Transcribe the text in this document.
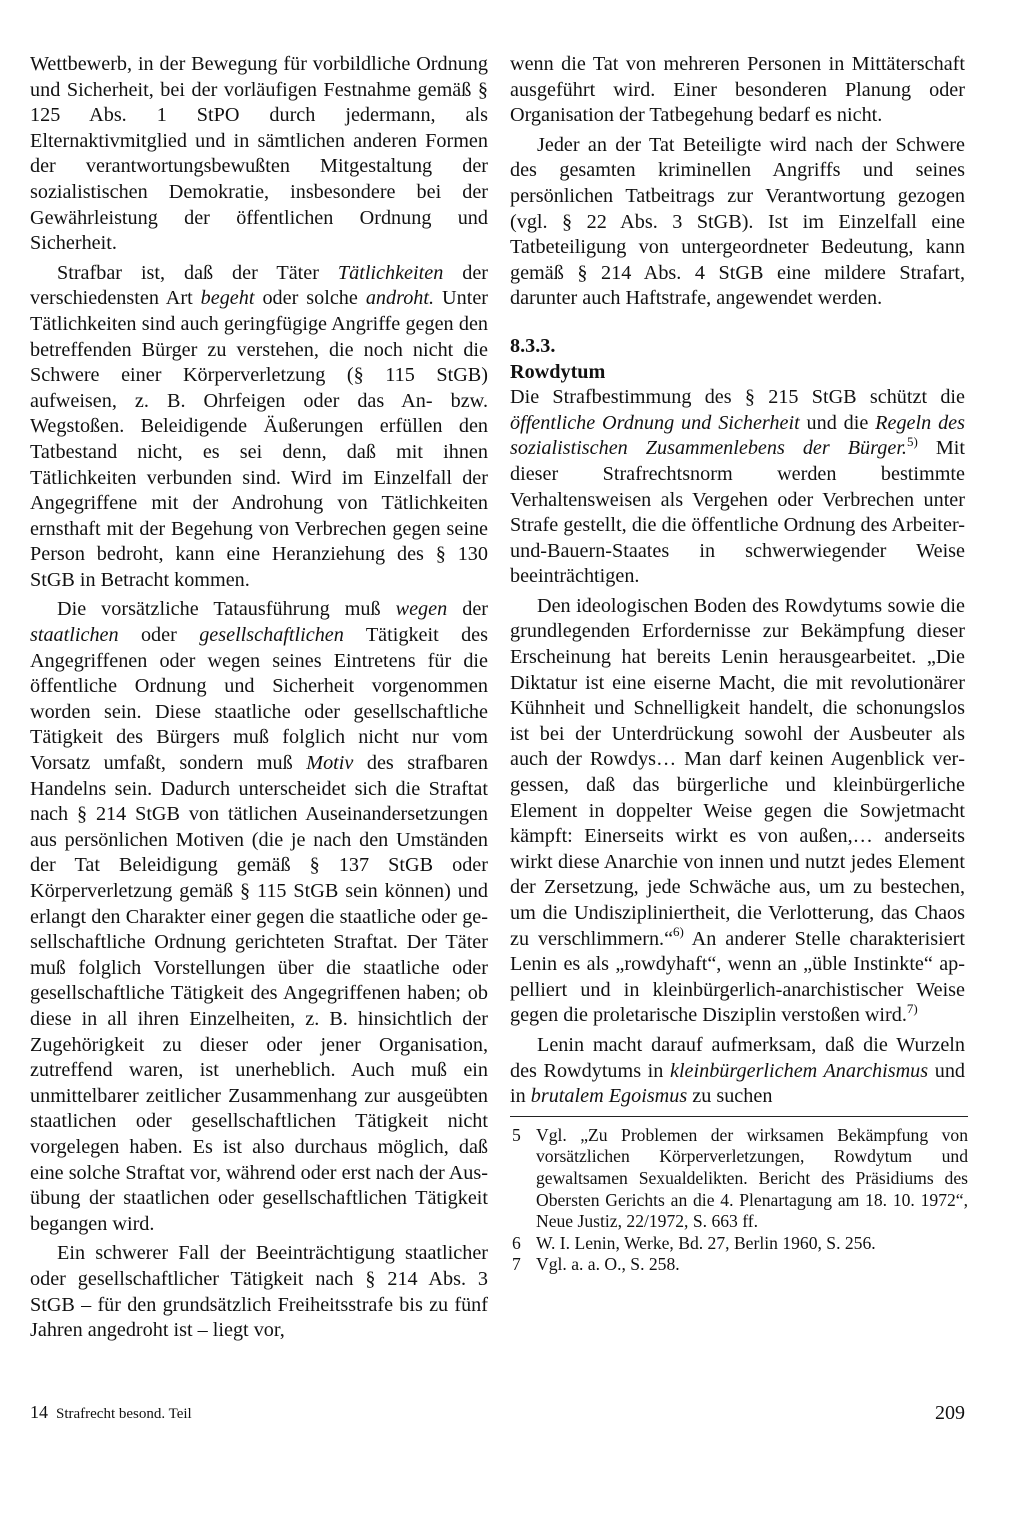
Wettbewerb, in der Bewegung für vorbildliche Ordnung und Sicherheit, bei der vorläufigen Festnahme gemäß § 125 Abs. 1 StPO durch jedermann, als Elternaktivmitglied und in sämtlichen anderen Formen der verantwortungsbewußten Mitgestaltung der sozialistischen Demokratie, insbesondere bei der Gewährleistung der öffentlichen Ordnung und Sicherheit.

Strafbar ist, daß der Täter Tätlichkeiten der verschiedensten Art begeht oder solche androht. Unter Tätlichkeiten sind auch geringfügige Angriffe gegen den betreffenden Bürger zu verstehen, die noch nicht die Schwere einer Körperverletzung (§ 115 StGB) aufweisen, z. B. Ohrfeigen oder das An- bzw. Wegstoßen. Beleidigende Äußerungen erfüllen den Tatbestand nicht, es sei denn, daß mit ihnen Tätlichkeiten verbunden sind. Wird im Einzelfall der Angegriffene mit der Androhung von Tätlichkeiten ernsthaft mit der Begehung von Verbrechen gegen seine Person bedroht, kann eine Heranziehung des § 130 StGB in Betracht kommen.

Die vorsätzliche Tatausführung muß wegen der staatlichen oder gesellschaftlichen Tätigkeit des Angegriffenen oder wegen seines Eintretens für die öffentliche Ordnung und Sicherheit vorgenommen worden sein. Diese staatliche oder gesellschaftliche Tätigkeit des Bürgers muß folglich nicht nur vom Vorsatz umfaßt, sondern muß Motiv des strafbaren Handelns sein. Dadurch unterscheidet sich die Straftat nach § 214 StGB von tätlichen Auseinandersetzungen aus persönlichen Motiven (die je nach den Umständen der Tat Beleidigung gemäß § 137 StGB oder Körperverletzung gemäß § 115 StGB sein können) und erlangt den Charakter einer gegen die staatliche oder gesellschaftliche Ordnung gerichteten Straftat. Der Täter muß folglich Vorstellungen über die staatliche oder gesellschaftliche Tätigkeit des Angegriffenen haben; ob diese in all ihren Einzelheiten, z. B. hinsichtlich der Zugehörigkeit zu dieser oder jener Organisation, zutreffend waren, ist unerheblich. Auch muß ein unmittelbarer zeitlicher Zusammenhang zur ausgeübten staatlichen oder gesellschaftlichen Tätigkeit nicht vorgelegen haben. Es ist also durchaus möglich, daß eine solche Straftat vor, während oder erst nach der Ausübung der staatlichen oder gesellschaftlichen Tätigkeit begangen wird.

Ein schwerer Fall der Beeinträchtigung staatlicher oder gesellschaftlicher Tätigkeit nach § 214 Abs. 3 StGB – für den grundsätzlich Freiheitsstrafe bis zu fünf Jahren angedroht ist – liegt vor,

wenn die Tat von mehreren Personen in Mittäterschaft ausgeführt wird. Einer besonderen Planung oder Organisation der Tatbegehung bedarf es nicht.

Jeder an der Tat Beteiligte wird nach der Schwere des gesamten kriminellen Angriffs und seines persönlichen Tatbeitrags zur Verantwortung gezogen (vgl. § 22 Abs. 3 StGB). Ist im Einzelfall eine Tatbeteiligung von untergeordneter Bedeutung, kann gemäß § 214 Abs. 4 StGB eine mildere Strafart, darunter auch Haftstrafe, angewendet werden.

8.3.3.
Rowdytum

Die Strafbestimmung des § 215 StGB schützt die öffentliche Ordnung und Sicherheit und die Regeln des sozialistischen Zusammenlebens der Bürger.$^{5)}$ Mit dieser Strafrechtsnorm werden bestimmte Verhaltensweisen als Vergehen oder Verbrechen unter Strafe gestellt, die die öffentliche Ordnung des Arbeiter-und-Bauern-Staates in schwerwiegender Weise beeinträchtigen.

Den ideologischen Boden des Rowdytums sowie die grundlegenden Erfordernisse zur Bekämpfung dieser Erscheinung hat bereits Lenin herausgearbeitet. „Die Diktatur ist eine eiserne Macht, die mit revolutionärer Kühnheit und Schnelligkeit handelt, die schonungslos ist bei der Unterdrückung sowohl der Ausbeuter als auch der Rowdys… Man darf keinen Augenblick vergessen, daß das bürgerliche und kleinbürgerliche Element in doppelter Weise gegen die Sowjetmacht kämpft: Einerseits wirkt es von außen,… anderseits wirkt diese Anarchie von innen und nutzt jedes Element der Zersetzung, jede Schwäche aus, um zu bestechen, um die Undiszipliniertheit, die Verlotterung, das Chaos zu verschlimmern.“$^{6)}$ An anderer Stelle charakterisiert Lenin es als „rowdyhaft“, wenn an „üble Instinkte“ appelliert und in kleinbürgerlich-anarchistischer Weise gegen die proletarische Disziplin verstoßen wird.$^{7)}$

Lenin macht darauf aufmerksam, daß die Wurzeln des Rowdytums in kleinbürgerlichem Anarchismus und in brutalem Egoismus zu suchen

5 Vgl. „Zu Problemen der wirksamen Bekämpfung von vorsätzlichen Körperverletzungen, Rowdytum und gewaltsamen Sexualdelikten. Bericht des Präsidiums des Obersten Gerichts an die 4. Plenartagung am 18. 10. 1972“, Neue Justiz, 22/1972, S. 663 ff.
6 W. I. Lenin, Werke, Bd. 27, Berlin 1960, S. 256.
7 Vgl. a. a. O., S. 258.
14 Strafrecht besond. Teil	209
